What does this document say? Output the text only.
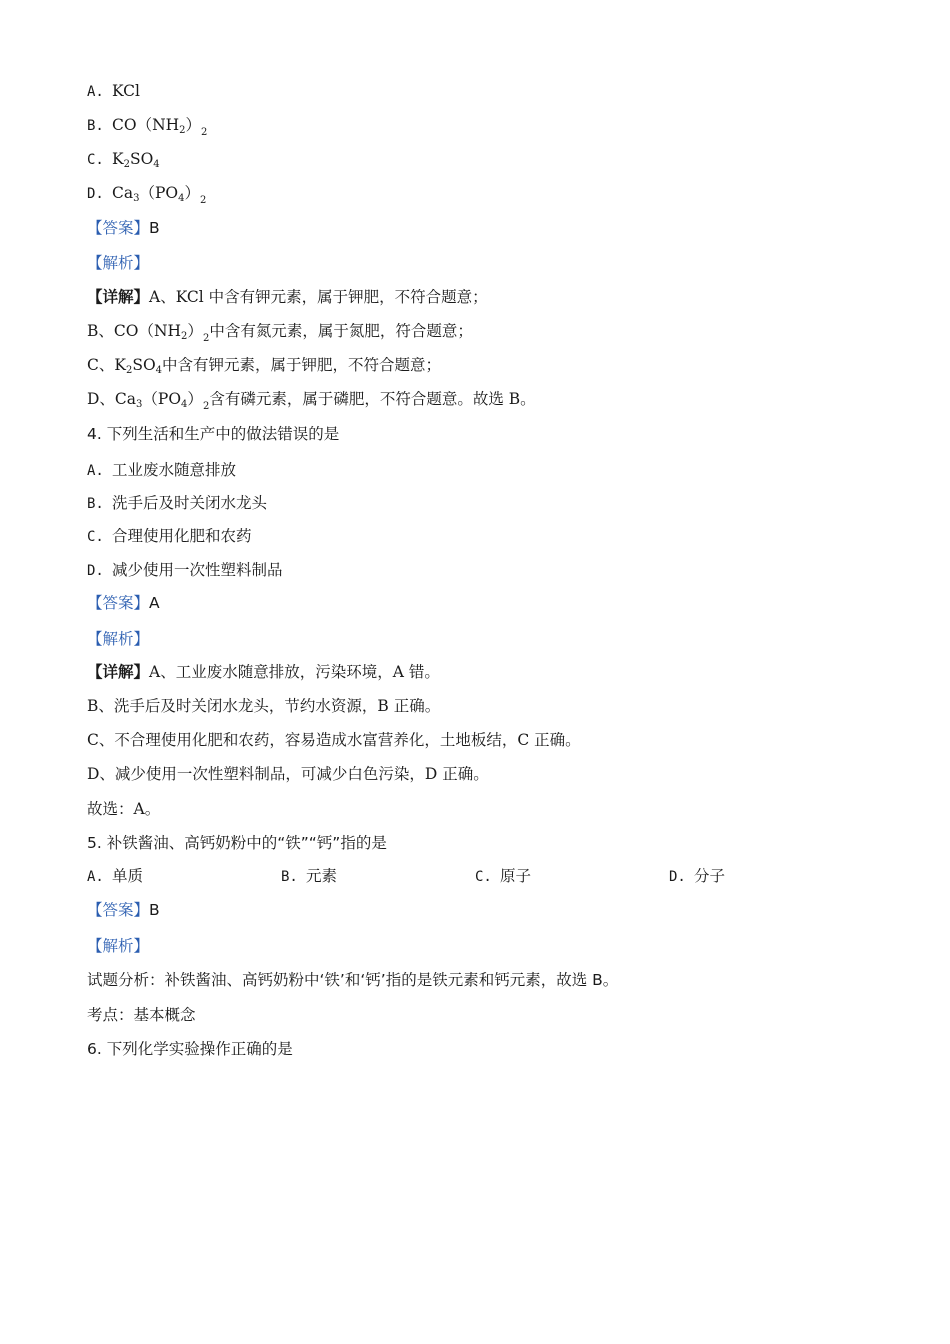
A. KCl
B. $CO(NH_2)_2$
C. $K_2SO_4$
D. $Ca_3(PO_4)_2$
【答案】B
【解析】
【详解】A、KCl 中含有钾元素，属于钾肥，不符合题意；
B、$CO(NH_2)_2$中含有氮元素，属于氮肥，符合题意；
C、$K_2SO_4$中含有钾元素，属于钾肥，不符合题意；
D、$Ca_3(PO_4)_2$含有磷元素，属于磷肥，不符合题意。故选 B。
4. 下列生活和生产中的做法错误的是
A. 工业废水随意排放
B. 洗手后及时关闭水龙头
C. 合理使用化肥和农药
D. 减少使用一次性塑料制品
【答案】A
【解析】
【详解】A、工业废水随意排放，污染环境，A 错。
B、洗手后及时关闭水龙头，节约水资源，B 正确。
C、不合理使用化肥和农药，容易造成水富营养化，土地板结，C 正确。
D、减少使用一次性塑料制品，可减少白色污染，D 正确。
故选：A。
5. 补铁酱油、高钙奶粉中的“铁”“钙”指的是
A. 单质	B. 元素	C. 原子	D. 分子
【答案】B
【解析】
试题分析：补铁酱油、高钙奶粉中‘铁’和‘钙’指的是铁元素和钙元素，故选 B。
考点：基本概念
6. 下列化学实验操作正确的是
